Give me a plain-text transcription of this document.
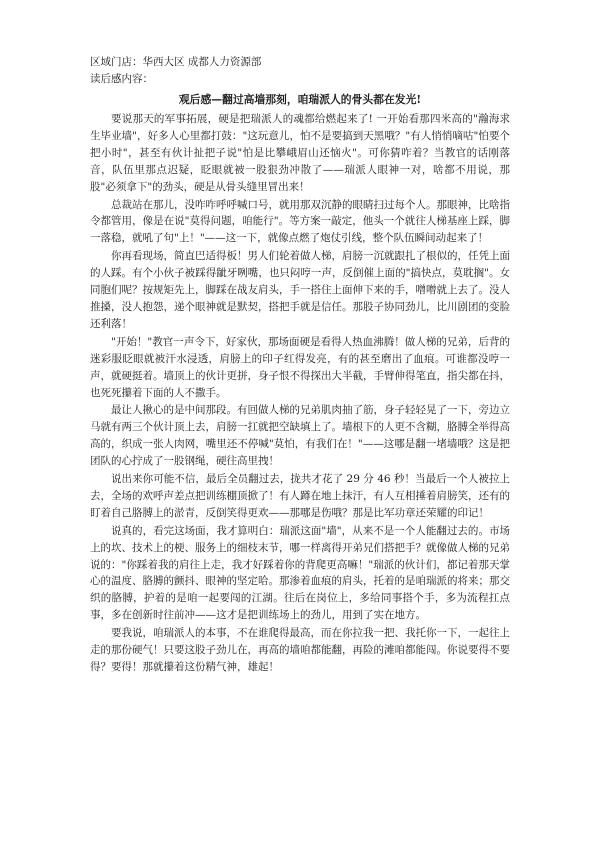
区域门店：华西大区 成都人力资源部

读后感内容：

观后感—翻过高墙那刻，咱瑞派人的骨头都在发光!

要说那天的军事拓展，硬是把瑞派人的魂都给燃起来了! 一开始看那四米高的"瀚海求生毕业墙"，好多人心里都打鼓："这玩意儿，怕不是要搞到天黑哦？"有人悄悄嘀咕"怕要个把小时"，甚至有伙计扯把子说"怕是比攀峨眉山还恼火"。可你猜咋着？当教官的话刚落音，队伍里那点迟疑，眨眼就被一股狠劲冲散了——瑞派人眼神一对，啥都不用说，那股"必须拿下"的劲头，硬是从骨头缝里冒出来！

总裁站在那儿，没咋咋呼呼喊口号，就用那双沉静的眼睛扫过每个人。那眼神，比啥指令都管用，像是在说"莫得问题，咱能行"。等方案一敲定，他头一个就往人梯基座上踩，脚一落稳，就吼了句"上！"——这一下，就像点燃了炮仗引线，整个队伍瞬间动起来了！

你再看现场，简直巴适得板！男人们轮着做人梯，肩膀一沉就跟扎了根似的，任凭上面的人踩。有个小伙子被踩得龇牙咧嘴，也只闷哼一声，反倒催上面的"搞快点，莫耽搁"。女同胞们呢？按规矩先上，脚踩在战友肩头，手一搭住上面伸下来的手，噌噌就上去了。没人推搡，没人抱怨，递个眼神就是默契，搭把手就是信任。那股子协同劲儿，比川剧团的变脸还利落！

"开始！"教官一声令下，好家伙，那场面硬是看得人热血沸腾！做人梯的兄弟，后背的迷彩服眨眼就被汗水浸透，肩膀上的印子红得发亮，有的甚至磨出了血痕。可谁都没哼一声，就硬挺着。墙顶上的伙计更拼，身子恨不得探出大半截，手臂伸得笔直，指尖都在抖，也死死攥着下面的人不撒手。

最让人揪心的是中间那段。有回做人梯的兄弟肌肉抽了筋，身子轻轻晃了一下，旁边立马就有两三个伙计顶上去，肩膀一扛就把空缺填上了。墙根下的人更不含糊，胳膊全举得高高的，织成一张人肉网，嘴里还不停喊"莫怕，有我们在！"——这哪是翻一堵墙哦？这是把团队的心拧成了一股钢绳，硬往高里拽！

说出来你可能不信，最后全员翻过去，拢共才花了 29 分 46 秒！当最后一个人被拉上去，全场的欢呼声差点把训练棚顶掀了！有人蹲在地上抹汗，有人互相捶着肩膀笑，还有的盯着自己胳膊上的淤青，反倒笑得更欢——那哪是伤哦？那是比军功章还荣耀的印记！

说真的，看完这场面，我才算明白：瑞派这面"墙"，从来不是一个人能翻过去的。市场上的坎、技术上的梗、服务上的细枝末节，哪一样离得开弟兄们搭把手？就像做人梯的兄弟说的："你踩着我的肩往上走，我才好踩着你的背爬更高嘛！"瑞派的伙计们，都记着那天掌心的温度、胳膊的颤抖、眼神的坚定哈。那渗着血痕的肩头，托着的是咱瑞派的将来；那交织的胳膊，护着的是咱一起要闯的江湖。往后在岗位上，多给同事搭个手，多为流程扛点事，多在创新时往前冲——这才是把训练场上的劲儿，用到了实在地方。

要我说，咱瑞派人的本事，不在谁爬得最高，而在你拉我一把、我托你一下，一起往上走的那份硬气！只要这股子劲儿在，再高的墙咱都能翻，再险的滩咱都能闯。你说要得不要得？要得！那就攥着这份精气神，雄起！
